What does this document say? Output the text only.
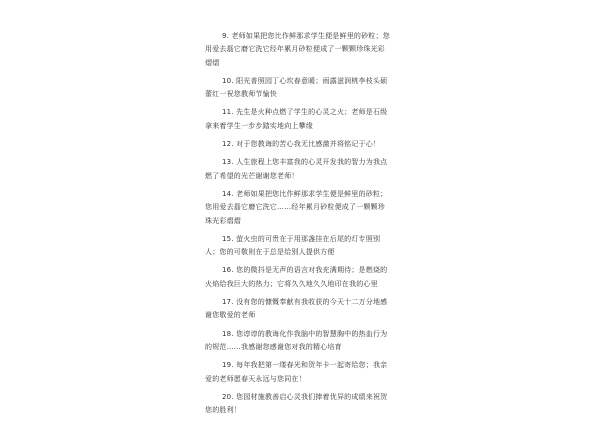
9. 老师如果把您比作鲜那求学生便是鲜里的砂粒；您用爱去磊它磨它洗它经年累月砂粒便成了一颗颗珍珠光彩熠熠

10. 阳光普照园丁心坎春意暖；雨露滋润桃李枝头硕蕾红一祝您教师节愉快

11. 先生是火种点燃了学生的心灵之火；老师是石级拿来着学生一步步踏实地向上攀缘

12. 对于您教诲的苦心我无比感激并将铭记于心！

13. 人生旅程上您丰富我的心灵开发我的智力为我点燃了希望的光芒谢谢您老师！

14. 老师如果把您比作鲜那求学生便是鲜里的砂粒；您用爱去磊它磨它洗它……经年累月砂粒便成了一颗颗珍珠光彩熠熠

15. 萤火虫的可贵在于用那盏挂在后尾的灯专照别人；您的可敬则在于总是给别人提供方便

16. 您的微抖是无声的语言对我充满期待；是燃烧的火焰给我巨大的热力；它将久久地久久地印在我的心里

17. 没有您的慷慨奉献有我收获的今天十二万分地感谢您敬爱的老师

18. 您谆谆的教诲化作我脑中的智慧胸中的热血行为的规范……我感谢您感谢您对我的精心培育

19. 每年我把第一缕春光和贺年卡一起寄给您；我亲爱的老师愿春天永远与您同在！

20. 您园材施教善启心灵我们捧着优异的成绩来祝贺您的胜利！
